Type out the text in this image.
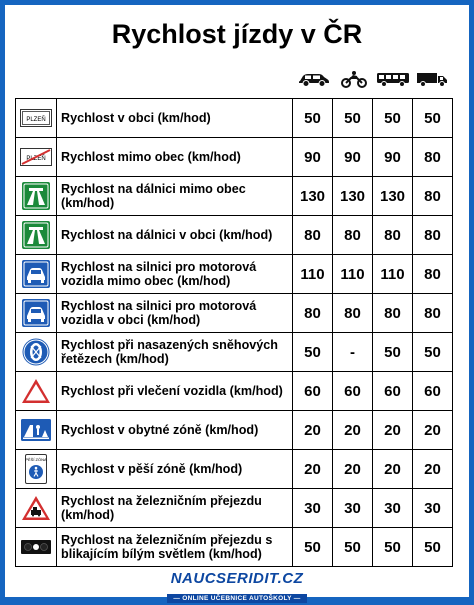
Rychlost jízdy v ČR
PLZEŇ	Rychlost v obci (km/hod)	50	50	50	50

PLZEŇ	Rychlost mimo obec (km/hod)	90	90	90	80

	Rychlost na dálnici mimo obec (km/hod)	130	130	130	80

	Rychlost na dálnici v obci (km/hod)	80	80	80	80

	Rychlost na silnici pro motorová vozidla mimo obec (km/hod)	110	110	110	80

	Rychlost na silnici pro motorová vozidla v obci (km/hod)	80	80	80	80

	Rychlost při nasazených sněhových řetězech (km/hod)	50	-	50	50

	Rychlost při vlečení vozidla (km/hod)	60	60	60	60

	Rychlost v obytné zóně (km/hod)	20	20	20	20

PĚŠÍ ZÓNA	Rychlost v pěší zóně (km/hod)	20	20	20	20

	Rychlost na železničním přejezdu (km/hod)	30	30	30	30

	Rychlost na železničním přejezdu s blikajícím bílým světlem (km/hod)	50	50	50	50
NAUCSERIDIT.CZ
— ONLINE UČEBNICE AUTOŠKOLY —
